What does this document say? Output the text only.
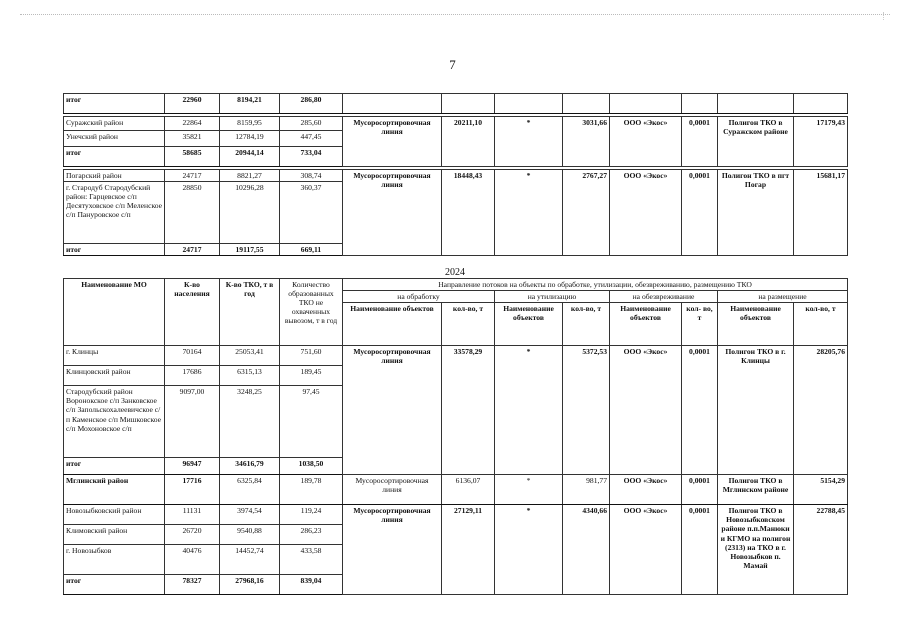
7
итог	22960	8194,21	286,80								

Суражский район	22864	8159,95	285,60	Мусоросортировочная линия	20211,10	*	3031,66	ООО «Экос»	0,0001	Полигон ТКО в Суражском районе	17179,43
Унечский район	35821	12784,19	447,45								
итог	58685	20944,14	733,04								

Погарский район	24717	8821,27	308,74	Мусоросортировочная линия	18448,43	*	2767,27	ООО «Экос»	0,0001	Полигон ТКО в пгт Погар	15681,17
г. Стародуб Стародубский район: Гарцевское с/п Десятуховское с/п Меленское с/п Пануровское с/п	28850	10296,28	360,37								
итог	24717	19117,55	669,11								
2024
Наименование МО	К-во населения	К-во ТКО, т в год	Количество образованных ТКО не охваченных вывозом, т в год	Направление потоков на объекты по обработке, утилизации, обезвреживанию, размещению ТКО							
				на обработку		на утилизацию		на обезвреживание		на размещение	
				Наименование объектов	кол-во, т	Наименование объектов	кол-во, т	Наименование объектов	кол- во, т	Наименование объектов	кол-во, т
г. Клинцы	70164	25053,41	751,60	Мусоросортировочная линия	33578,29	*	5372,53	ООО «Экос»	0,0001	Полигон ТКО в г. Клинцы	28205,76
Клинцовский район	17686	6315,13	189,45								
Стародубский район Воронокское с/п Занковское с/п Запольскохалеевичское с/п Каменское с/п Мишковское с/п Мохоновское с/п	9097,00	3248,25	97,45								
итог	96947	34616,79	1038,50								
Мглинский район	17716	6325,84	189,78	Мусоросортировочная линия	6136,07	*	981,77	ООО «Экос»	0,0001	Полигон ТКО в Мглинском районе	5154,29
Новозыбковский район	11131	3974,54	119,24	Мусоросортировочная линия	27129,11	*	4340,66	ООО «Экос»	0,0001	Полигон ТКО в Новозыбковском районе п.п.Манюки и КГМО на полигон (2313) на ТКО в г. Новозыбков п. Мамай	22788,45
Климовский район	26720	9540,88	286,23								
г. Новозыбков	40476	14452,74	433,58								
итог	78327	27968,16	839,04								
